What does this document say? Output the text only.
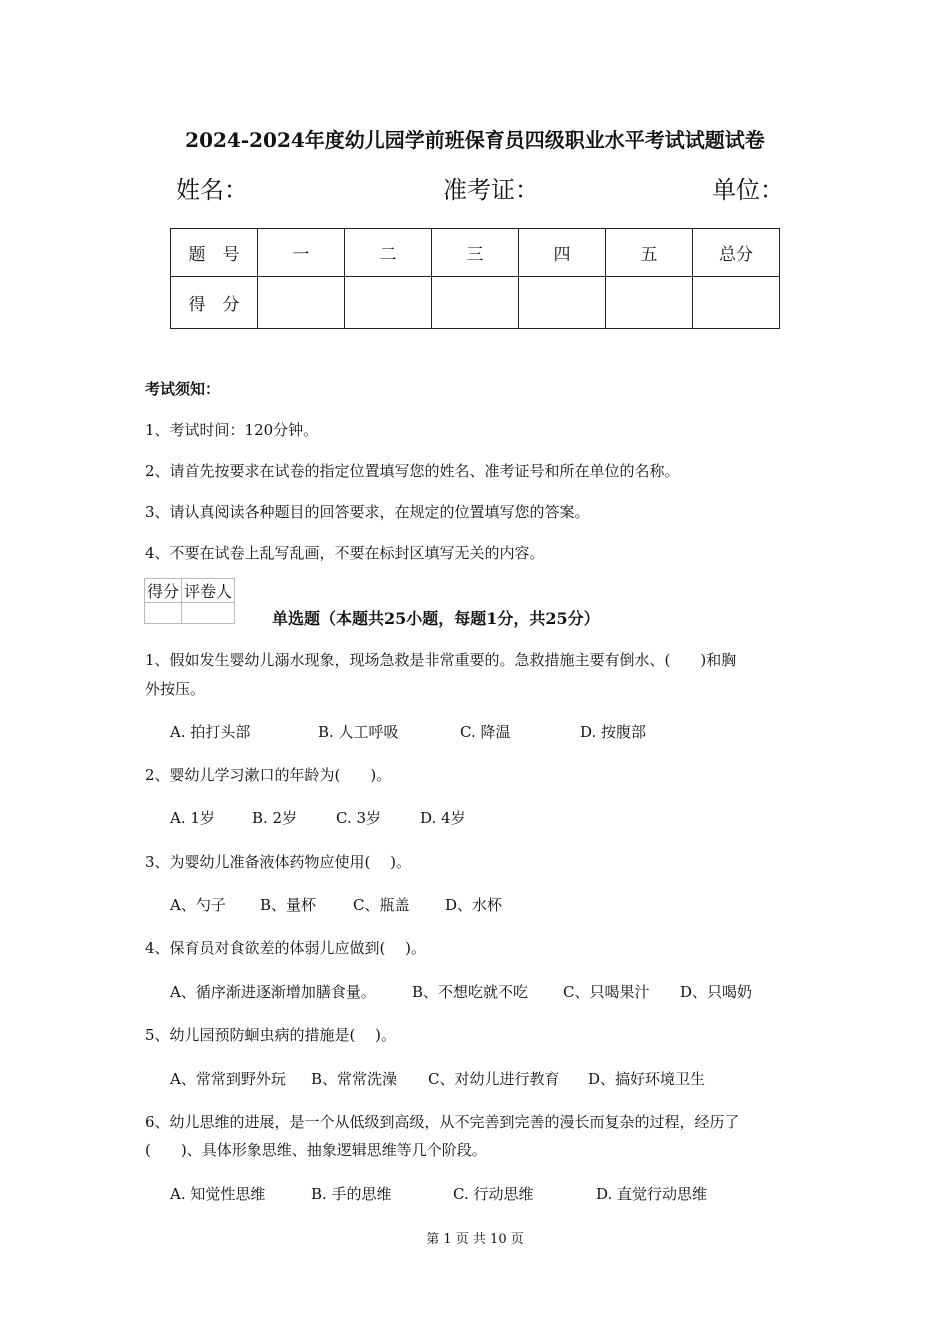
2024-2024年度幼儿园学前班保育员四级职业水平考试试题试卷
姓名：	准考证：	单位：
题　号	一	二	三	四	五	总分
得　分						
考试须知：
1、考试时间：120分钟。
2、请首先按要求在试卷的指定位置填写您的姓名、准考证号和所在单位的名称。
3、请认真阅读各种题目的回答要求，在规定的位置填写您的答案。
4、不要在试卷上乱写乱画，不要在标封区填写无关的内容。
得分	评卷人

单选题（本题共25小题，每题1分，共25分）
1、假如发生婴幼儿溺水现象，现场急救是非常重要的。急救措施主要有倒水、(　　)和胸
外按压。
A. 拍打头部	B. 人工呼吸	C. 降温	D. 按腹部
2、婴幼儿学习漱口的年龄为(　　)。
A. 1岁 B. 2岁	C. 3岁	D. 4岁
3、为婴幼儿准备液体药物应使用(　 )。
A、勺子 B、量杯 C、瓶盖 D、水杯
4、保育员对食欲差的体弱儿应做到(　 )。
A、循序渐进逐渐增加膳食量。 B、不想吃就不吃 C、只喝果汁 D、只喝奶
5、幼儿园预防蛔虫病的措施是(　 )。
A、常常到野外玩 B、常常洗澡 C、对幼儿进行教育 D、搞好环境卫生
6、幼儿思维的进展，是一个从低级到高级，从不完善到完善的漫长而复杂的过程，经历了
(　　)、具体形象思维、抽象逻辑思维等几个阶段。
A. 知觉性思维	B. 手的思维	C. 行动思维	D. 直觉行动思维
第 1 页 共 10 页
